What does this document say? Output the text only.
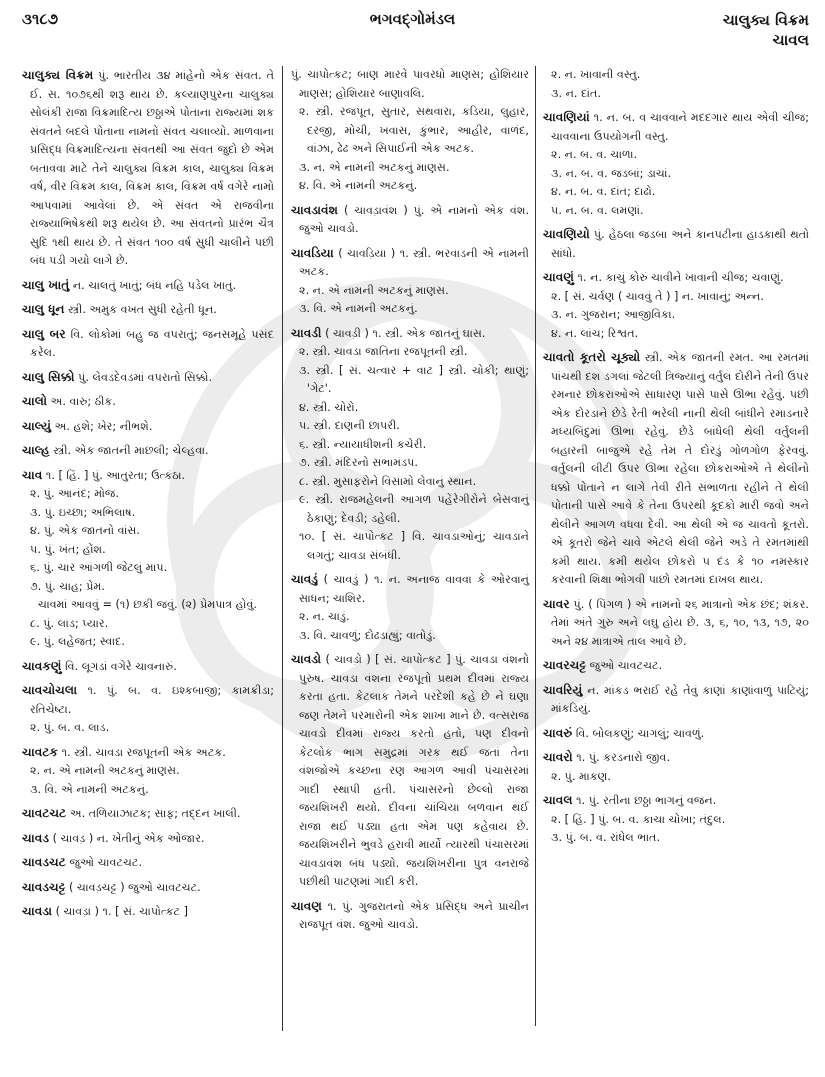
૩૧૮૭	ભગવદ્ગોમંડલ	ચાલુક્ય વિક્રમ
ચાવલ
ચાલુક્ય વિક્રમ પું. ભારતીય ૩૪ માંહેનો એક સંવત. તે ઈ. સ. ૧૦૭૬થી શરૂ થાય છે. કલ્યાણપુરના ચાલુક્ય સોલંકી રાજા વિક્રમાદિત્ય છઠ્ઠાએ પોતાના રાજ્યમાં શક સંવતને બદલે પોતાના નામનો સંવત ચલાવ્યો. માળવાના પ્રસિદ્ધ વિક્રમાદિત્યના સંવતથી આ સંવત જુદો છે એમ બતાવવા માટે તેને ચાલુક્ય વિક્રમ કાલ, ચાલુક્ય વિક્રમ વર્ષ, વીર વિક્રમ કાલ, વિક્રમ કાલ, વિક્રમ વર્ષ વગેરે નામો આપવામાં આવેલાં છે. એ સંવત એ રાજવીના રાજ્યાભિષેકથી શરૂ થયેલ છે. આ સંવતનો પ્રારંભ ચૈત્ર સુદિ ૧થી થાય છે. તે સંવત ૧૦૦ વર્ષ સુધી ચાલીને પછી બંધ પડી ગયો લાગે છે.
ચાલુ ખાતું ન. ચાલતું ખાતું; બંધ નહિ પડેલ ખાતું.
ચાલુ ધૂન સ્ત્રી. અમુક વખત સુધી રહેતી ધૂન.
ચાલુ બર વિ. લોકોમાં બહુ જ વપરાતું; જનસમૂહે પસંદ કરેલ.
ચાલુ સિક્કો પું. લેવડદેવડમાં વપરાતો સિક્કો.
ચાલો અ. વારુ; ઠીક.
ચાલ્યું અ. હશે; ખેર; નીભશે.
ચાલ્હ સ્ત્રી. એક જાતની માછલી; ચેલ્હવા.
ચાવ ૧. [ હિં. ] પું. આતુરતા; ઉત્કંઠા.
૨. પું. આનંદ; મોજ.
૩. પું. ઇચ્છા; અભિલાષ.
૪. પું. એક જાતનો વાંસ.
૫. પું. ખંત; હોંશ.
૬. પું. ચાર આંગળી જેટલું માપ.
૭. પું. ચાહ; પ્રેમ.
ચાવમાં આવવું = (૧) છકી જવું. (૨) પ્રેમપાત્ર હોવું.
૮. પું. લાડ; પ્યાર.
૯. પું. લહેજત; સ્વાદ.
ચાવકણું વિ. લૂગડાં વગેરે ચાવનારું.
ચાવચોચલા ૧. પું. બ. વ. ઇશ્કબાજી; કામક્રીડા; રતિચેષ્ટા.
૨. પું. બ. વ. લાડ.
ચાવટક ૧. સ્ત્રી. ચાવડા રજપૂતની એક અટક.
૨. ન. એ નામની અટકનું માણસ.
૩. વિ. એ નામની અટકનું.
ચાવટચટ અ. તળિયાઝાટક; સાફ; તદ્દન ખાલી.
ચાવડ ( ચાવડ઼ ) ન. ખેતીનું એક ઓજાર.
ચાવડચટ જુઓ ચાવટચટ.
ચાવડચટ્ટ ( ચાવડ઼ચટ્ટ ) જુઓ ચાવટચટ.
ચાવડા ( ચાવડ઼ા ) ૧. [ સં. ચાપોત્કટ ]
પું. ચાપોત્કટ; બાણ મારવે પાવરધો માણસ; હોશિયાર માણસ; હોશિયાર બાણાવલિ.
૨. સ્ત્રી. રજપૂત, સુતાર, સથવારા, કડિયા, લુહાર, દરજી, મોચી, ખવાસ, કુંભાર, આહીર, વાળંદ, વાંઝા, ઢેઢ અને સિપાઈની એક અટક.
૩. ન. એ નામની અટકનું માણસ.
૪. વિ. એ નામની અટકનું.
ચાવડાવંશ ( ચાવડ઼ાવંશ ) પું. એ નામનો એક વંશ. જુઓ ચાવડો.
ચાવડિયા ( ચાવડ઼િયા ) ૧. સ્ત્રી. ભરવાડની એ નામની અટક.
૨. ન. એ નામની અટકનું માણસ.
૩. વિ. એ નામની અટકનું.
ચાવડી ( ચાવડ઼ી ) ૧. સ્ત્રી. એક જાતનું ઘાસ.
૨. સ્ત્રી. ચાવડા જાતિના રજપૂતની સ્ત્રી.
૩. સ્ત્રી. [ સં. ચત્વાર + વાટ ] સ્ત્રી. ચોકી; થાણું; 'ગેટ'.
૪. સ્ત્રી. ચોરો.
૫. સ્ત્રી. દાણની છાપરી.
૬. સ્ત્રી. ન્યાયાધીશની કચેરી.
૭. સ્ત્રી. મંદિરનો સભામંડપ.
૮. સ્ત્રી. મુસાફરોને વિસામો લેવાનું સ્થાન.
૯. સ્ત્રી. રાજમહેલની આગળ પહેરેગીરોને બેસવાનું ઠેકાણું; દેવડી; ડહેલી.
૧૦. [ સં. ચાપોત્કટ ] વિ. ચાવડાઓનું; ચાવડાને લગતું; ચાવડા સંબંધી.
ચાવડું ( ચાવડ઼ું ) ૧. ન. અનાજ વાવવા કે ઓરવાનું સાધન; ચાશિર.
૨. ન. ચાડું.
૩. વિ. ચાવળું; દોઢડાહ્યું; વાતોડું.
ચાવડો ( ચાવડ઼ો ) [ સં. ચાપોત્કટ ] પું. ચાવડા વંશનો પુરુષ. ચાવડા વંશના રજપૂતો પ્રથમ દીવમાં રાજ્ય કરતા હતા. કેટલાક તેમને પરદેશી કહે છે ને ઘણા જણ તેમને પરમારોની એક શાખા માને છે. વત્સરાજ ચાવડો દીવમાં રાજ્ય કરતો હતો, પણ દીવનો કેટલોક ભાગ સમુદ્રમાં ગરક થઈ જતાં તેના વંશજોએ કચ્છના રણ આગળ આવી પંચાસરમાં ગાદી સ્થાપી હતી. પંચાસરનો છેલ્લો રાજા જયશિખરી થયો. દીવના ચાંચિયા બળવાન થઈ રાજા થઈ પડ્યા હતા એમ પણ કહેવાય છે. જયશિખરીને ભુવડે હરાવી માર્યો ત્યારથી પંચાસરમાં ચાવડાવંશ બંધ પડ્યો. જયશિખરીના પુત્ર વનરાજે પછીથી પાટણમાં ગાદી કરી.
ચાવણ ૧. પું. ગુજરાતનો એક પ્રસિદ્ધ અને પ્રાચીન રાજપૂત વંશ. જુઓ ચાવડો.
૨. ન. ખાવાની વસ્તુ.
૩. ન. દાંત.
ચાવણિયાં ૧. ન. બ. વ ચાવવાને મદદગાર થાય એવી ચીજ; ચાવવાના ઉપયોગની વસ્તુ.
૨. ન. બ. વ. ચાળા.
૩. ન. બ. વ. જડબાં; ડાચાં.
૪. ન. બ. વ. દાંત; દાઢો.
૫. ન. બ. વ. લમણાં.
ચાવણિયો પું. હેઠલા જડબા અને કાનપટીના હાડકાથી થતો સાંધો.
ચાવણું ૧. ન. કાચું કોરું ચાવીને ખાવાની ચીજ; ચવાણું.
૨. [ સં. ચર્વણ ( ચાવવું તે ) ] ન. ખાવાનું; અન્ન.
૩. ન. ગુજરાન; આજીવિકા.
૪. ન. લાંચ; રિશ્વત.
ચાવતો કૂતરો ચૂક્યો સ્ત્રી. એક જાતની રમત. આ રમતમાં પાંચથી દશ ડગલાં જેટલી ત્રિજ્યાનું વર્તુલ દોરીને તેની ઉપર રમનાર છોકરાઓએ સાધારણ પાસે પાસે ઊભા રહેવું. પછી એક દોરડાને છેડે રેતી ભરેલી નાની થેલી બાંધીને રમાડનારે મધ્યબિંદુમાં ઊભા રહેવું. છેડે બાંધેલી થેલી વર્તુલની બહારની બાજુએ રહે તેમ તે દોરડું ગોળગોળ ફેરવવું. વર્તુલની લીટી ઉપર ઊભા રહેલા છોકરાઓએ તે થેલીનો ધક્કો પોતાને ન લાગે તેવી રીતે સંભાળતા રહીને તે થેલી પોતાની પાસે આવે કે તેના ઉપરથી કૂદકો મારી જવો અને થેલીને આગળ વધવા દેવી. આ થેલી એ જ ચાવતો કૂતરો. એ કૂતરો જેને ચાવે એટલે થેલી જેને અડે તે રમતમાંથી કમી થાય. કમી થયેલ છોકરો ૫ દંડ કે ૧૦ નમસ્કાર કરવાની શિક્ષા ભોગવી પાછો રમતમાં દાખલ થાય.
ચાવર પું. ( પિંગળ ) એ નામનો ૨૬ માત્રાનો એક છંદ; શંકર. તેમાં અંતે ગુરુ અને લઘુ હોય છે. ૩, ૬, ૧૦, ૧૩, ૧૭, ૨૦ અને ૨૪ માત્રાએ તાલ આવે છે.
ચાવરચટ્ટ જુઓ ચાવટચટ.
ચાવરિયું ન. માંકડ ભરાઈ રહે તેવું કાણાં કાણાંવાળું પાટિયું; માંકડિયું.
ચાવરું વિ. બોલકણું; ચાગલું; ચાવળું.
ચાવરો ૧. પું. કરડનારો જીવ.
૨. પું. માકણ.
ચાવલ ૧. પું. રતીના છઠ્ઠા ભાગનું વજન.
૨. [ હિં. ] પું. બ. વ. કાચા ચોખા; તંદુલ.
૩. પું. બ. વ. રાંધેલ ભાત.
